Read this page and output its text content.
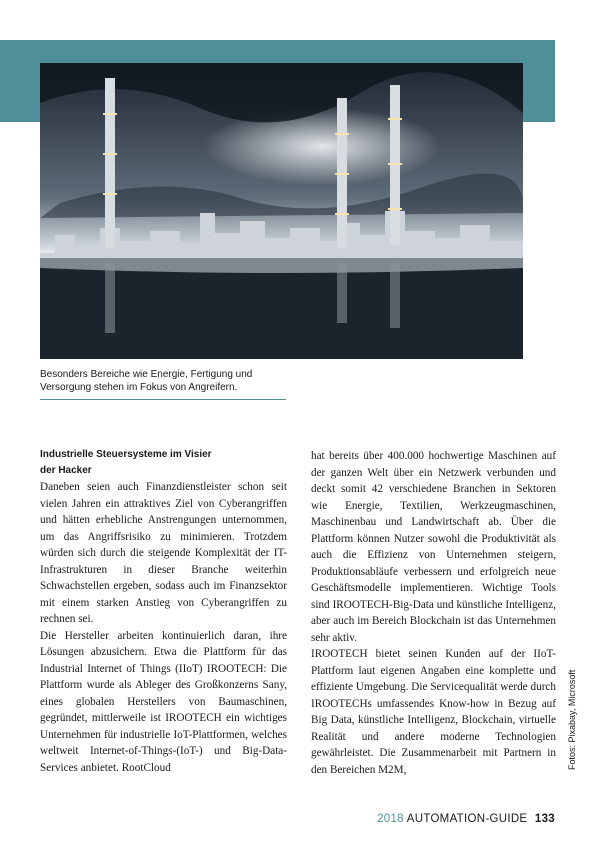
Besonders Bereiche wie Energie, Fertigung und
Versorgung stehen im Fokus von Angreifern.
Industrielle Steuersysteme im Visier
der Hacker

Daneben seien auch Finanzdienstleister schon seit vielen Jahren ein attraktives Ziel von Cyberangriffen und hätten erhebliche Anstrengungen unternommen, um das Angriffsrisiko zu minimieren. Trotzdem würden sich durch die steigende Komplexität der IT-Infrastrukturen in dieser Branche weiterhin Schwachstellen ergeben, sodass auch im Finanzsektor mit einem starken Anstieg von Cyberangriffen zu rechnen sei.

Die Hersteller arbeiten kontinuierlich daran, ihre Lösungen abzusichern. Etwa die Plattform für das Industrial Internet of Things (IIoT) IROOTECH: Die Plattform wurde als Ableger des Großkonzerns Sany, eines globalen Herstellers von Baumaschinen, gegründet, mittlerweile ist IROOTECH ein wichtiges Unternehmen für industrielle IoT-Plattformen, welches weltweit Internet-of-Things-(IoT-) und Big-Data-Services anbietet. RootCloud

hat bereits über 400.000 hochwertige Maschinen auf der ganzen Welt über ein Netzwerk verbunden und deckt somit 42 verschiedene Branchen in Sektoren wie Energie, Textilien, Werkzeugmaschinen, Maschinenbau und Landwirtschaft ab. Über die Plattform können Nutzer sowohl die Produktivität als auch die Effizienz von Unternehmen steigern, Produktionsabläufe verbessern und erfolgreich neue Geschäftsmodelle implementieren. Wichtige Tools sind IROOTECH-Big-Data und künstliche Intelligenz, aber auch im Bereich Blockchain ist das Unternehmen sehr aktiv.

IROOTECH bietet seinen Kunden auf der IIoT-Plattform laut eigenen Angaben eine komplette und effiziente Umgebung. Die Servicequalität werde durch IROOTECHs umfassendes Know-how in Bezug auf Big Data, künstliche Intelligenz, Blockchain, virtuelle Realität und andere moderne Technologien gewährleistet. Die Zusammenarbeit mit Partnern in den Bereichen M2M,	Fotos: Pixabay, Microsoft
2018 AUTOMATION-GUIDE 133
